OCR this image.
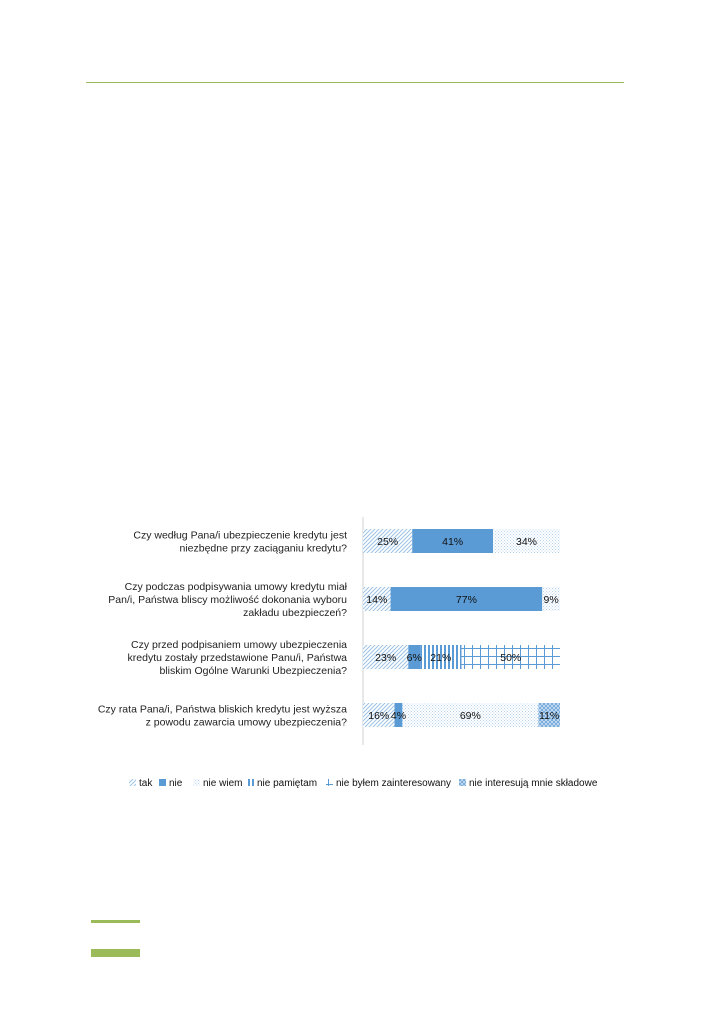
Czy według Pana/i ubezpieczenie kredytu jest
niezbędne przy zaciąganiu kredytu?
25%	41%	34%
Czy podczas podpisywania umowy kredytu miał
Pan/i, Państwa bliscy możliwość dokonania wyboru
zakładu ubezpieczeń?
14%	77%	9%
Czy przed podpisaniem umowy ubezpieczenia
kredytu zostały przedstawione Panu/i, Państwa
bliskim Ogólne Warunki Ubezpieczenia?
23% 6% 21%	50%
Czy rata Pana/i, Państwa bliskich kredytu jest wyższa
z powodu zawarcia umowy ubezpieczenia?
16% 4%	69%	11%
tak nie nie wiem nie pamiętam nie byłem zainteresowany nie interesują mnie składowe
